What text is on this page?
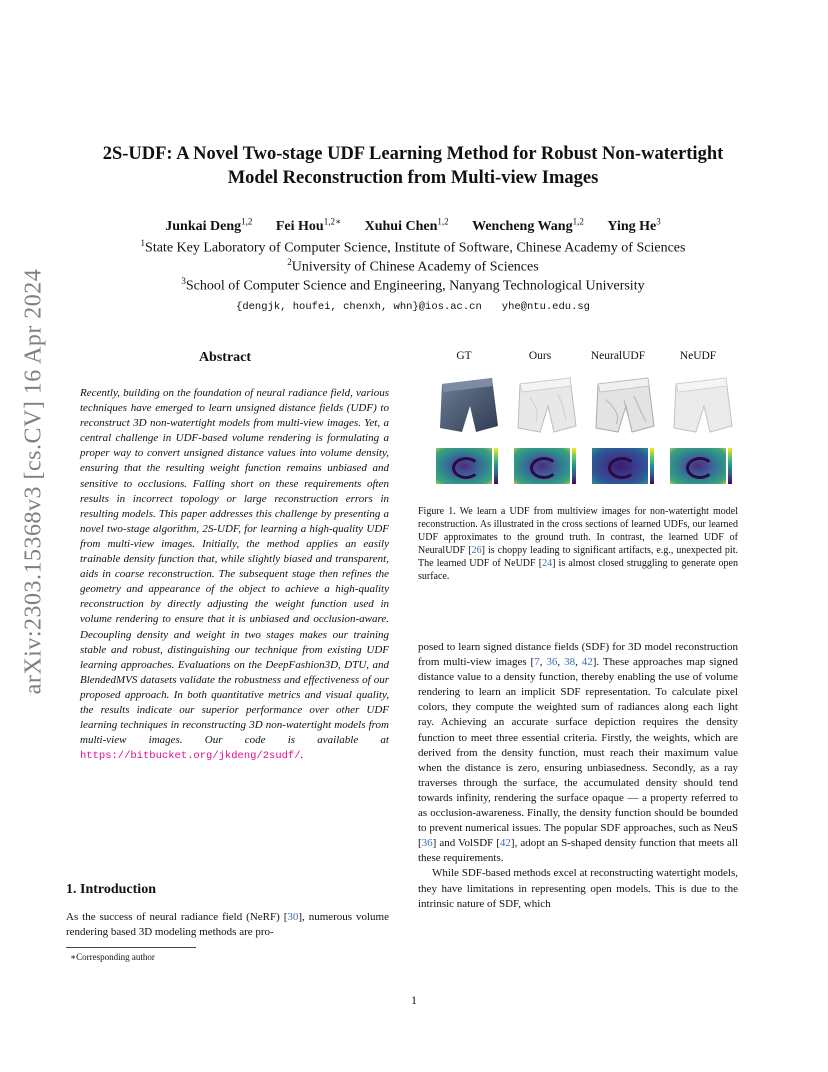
arXiv:2303.15368v3 [cs.CV] 16 Apr 2024
2S-UDF: A Novel Two-stage UDF Learning Method for Robust Non-watertight
Model Reconstruction from Multi-view Images
Junkai Deng$^{1,2}$ Fei Hou$^{1,2∗}$ Xuhui Chen$^{1,2}$ Wencheng Wang$^{1,2}$ Ying He$^3$
$^1$State Key Laboratory of Computer Science, Institute of Software, Chinese Academy of Sciences
$^2$University of Chinese Academy of Sciences
$^3$School of Computer Science and Engineering, Nanyang Technological University
{dengjk, houfei, chenxh, whn}@ios.ac.cn yhe@ntu.edu.sg
Abstract
Recently, building on the foundation of neural radiance field, various techniques have emerged to learn unsigned distance fields (UDF) to reconstruct 3D non-watertight models from multi-view images. Yet, a central challenge in UDF-based volume rendering is formulating a proper way to convert unsigned distance values into volume density, ensuring that the resulting weight function remains unbiased and sensitive to occlusions. Falling short on these requirements often results in incorrect topology or large reconstruction errors in resulting models. This paper addresses this challenge by presenting a novel two-stage algorithm, 2S-UDF, for learning a high-quality UDF from multi-view images. Initially, the method applies an easily trainable density function that, while slightly biased and transparent, aids in coarse reconstruction. The subsequent stage then refines the geometry and appearance of the object to achieve a high-quality reconstruction by directly adjusting the weight function used in volume rendering to ensure that it is unbiased and occlusion-aware. Decoupling density and weight in two stages makes our training stable and robust, distinguishing our technique from existing UDF learning approaches. Evaluations on the DeepFashion3D, DTU, and BlendedMVS datasets validate the robustness and effectiveness of our proposed approach. In both quantitative metrics and visual quality, the results indicate our superior performance over other UDF learning techniques in reconstructing 3D non-watertight models from multi-view images. Our code is available at https://bitbucket.org/jkdeng/2sudf/.
1. Introduction
As the success of neural radiance field (NeRF) [30], numerous volume rendering based 3D modeling methods are pro-
∗Corresponding author
GT	Ours	NeuralUDF	NeUDF
Figure 1. We learn a UDF from multiview images for non-watertight model reconstruction. As illustrated in the cross sections of learned UDFs, our learned UDF approximates to the ground truth. In contrast, the learned UDF of NeuralUDF [26] is choppy leading to significant artifacts, e.g., unexpected pit. The learned UDF of NeUDF [24] is almost closed struggling to generate open surface.

posed to learn signed distance fields (SDF) for 3D model reconstruction from multi-view images [7, 36, 38, 42]. These approaches map signed distance value to a density function, thereby enabling the use of volume rendering to learn an implicit SDF representation. To calculate pixel colors, they compute the weighted sum of radiances along each light ray. Achieving an accurate surface depiction requires the density function to meet three essential criteria. Firstly, the weights, which are derived from the density function, must reach their maximum value when the distance is zero, ensuring unbiasedness. Secondly, as a ray traverses through the surface, the accumulated density should tend towards infinity, rendering the surface opaque — a property referred to as occlusion-awareness. Finally, the density function should be bounded to prevent numerical issues. The popular SDF approaches, such as NeuS [36] and VolSDF [42], adopt an S-shaped density function that meets all these requirements.

While SDF-based methods excel at reconstructing watertight models, they have limitations in representing open models. This is due to the intrinsic nature of SDF, which

1
